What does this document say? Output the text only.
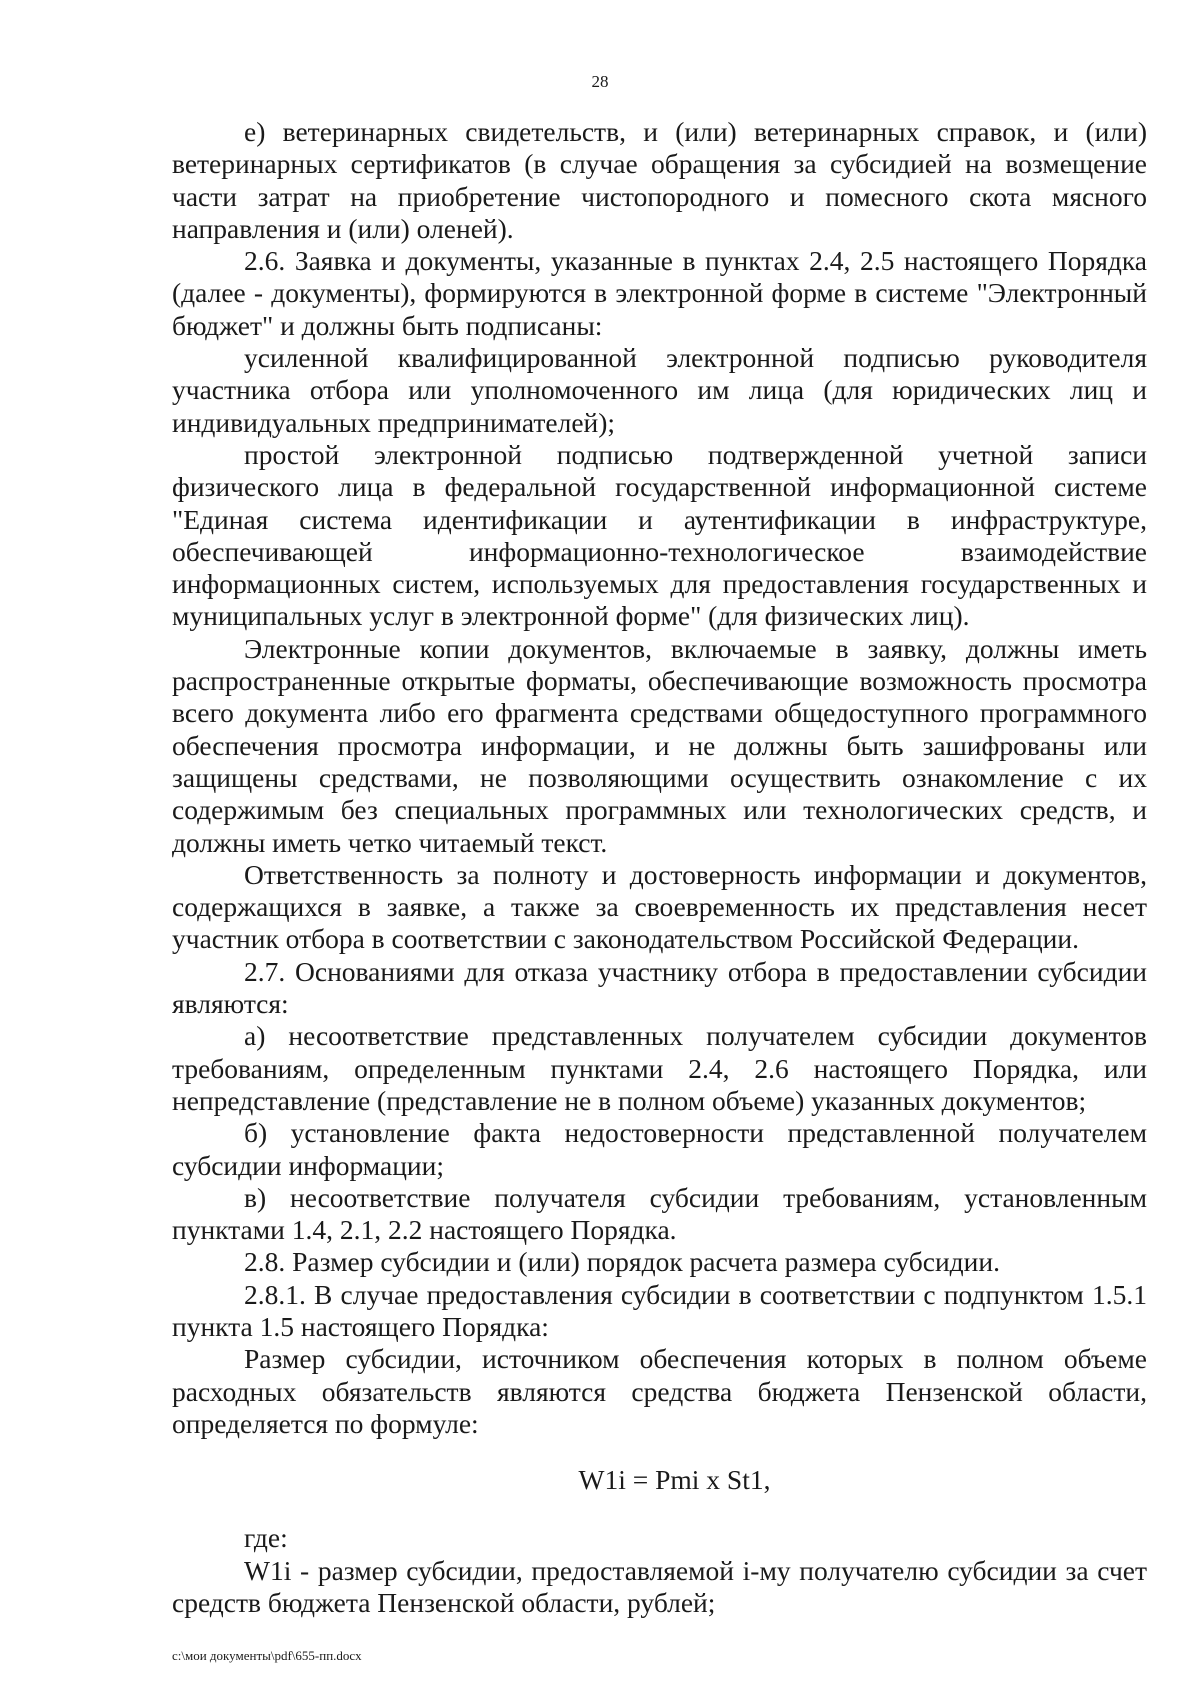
28

е) ветеринарных свидетельств, и (или) ветеринарных справок, и (или) ветеринарных сертификатов (в случае обращения за субсидией на возмещение части затрат на приобретение чистопородного и помесного скота мясного направления и (или) оленей).

2.6. Заявка и документы, указанные в пунктах 2.4, 2.5 настоящего Порядка (далее - документы), формируются в электронной форме в системе "Электронный бюджет" и должны быть подписаны:

усиленной квалифицированной электронной подписью руководителя участника отбора или уполномоченного им лица (для юридических лиц и индивидуальных предпринимателей);

простой электронной подписью подтвержденной учетной записи физического лица в федеральной государственной информационной системе "Единая система идентификации и аутентификации в инфраструктуре, обеспечивающей информационно-технологическое взаимодействие информационных систем, используемых для предоставления государственных и муниципальных услуг в электронной форме" (для физических лиц).

Электронные копии документов, включаемые в заявку, должны иметь распространенные открытые форматы, обеспечивающие возможность просмотра всего документа либо его фрагмента средствами общедоступного программного обеспечения просмотра информации, и не должны быть зашифрованы или защищены средствами, не позволяющими осуществить ознакомление с их содержимым без специальных программных или технологических средств, и должны иметь четко читаемый текст.

Ответственность за полноту и достоверность информации и документов, содержащихся в заявке, а также за своевременность их представления несет участник отбора в соответствии с законодательством Российской Федерации.

2.7. Основаниями для отказа участнику отбора в предоставлении субсидии являются:

а) несоответствие представленных получателем субсидии документов требованиям, определенным пунктами 2.4, 2.6 настоящего Порядка, или непредставление (представление не в полном объеме) указанных документов;

б) установление факта недостоверности представленной получателем субсидии информации;

в) несоответствие получателя субсидии требованиям, установленным пунктами 1.4, 2.1, 2.2 настоящего Порядка.

2.8. Размер субсидии и (или) порядок расчета размера субсидии.

2.8.1. В случае предоставления субсидии в соответствии с подпунктом 1.5.1 пункта 1.5 настоящего Порядка:

Размер субсидии, источником обеспечения которых в полном объеме расходных обязательств являются средства бюджета Пензенской области, определяется по формуле:

W1i = Pmi x St1,

где:

W1i - размер субсидии, предоставляемой i-му получателю субсидии за счет средств бюджета Пензенской области, рублей;

c:\мои документы\pdf\655-пп.docx
